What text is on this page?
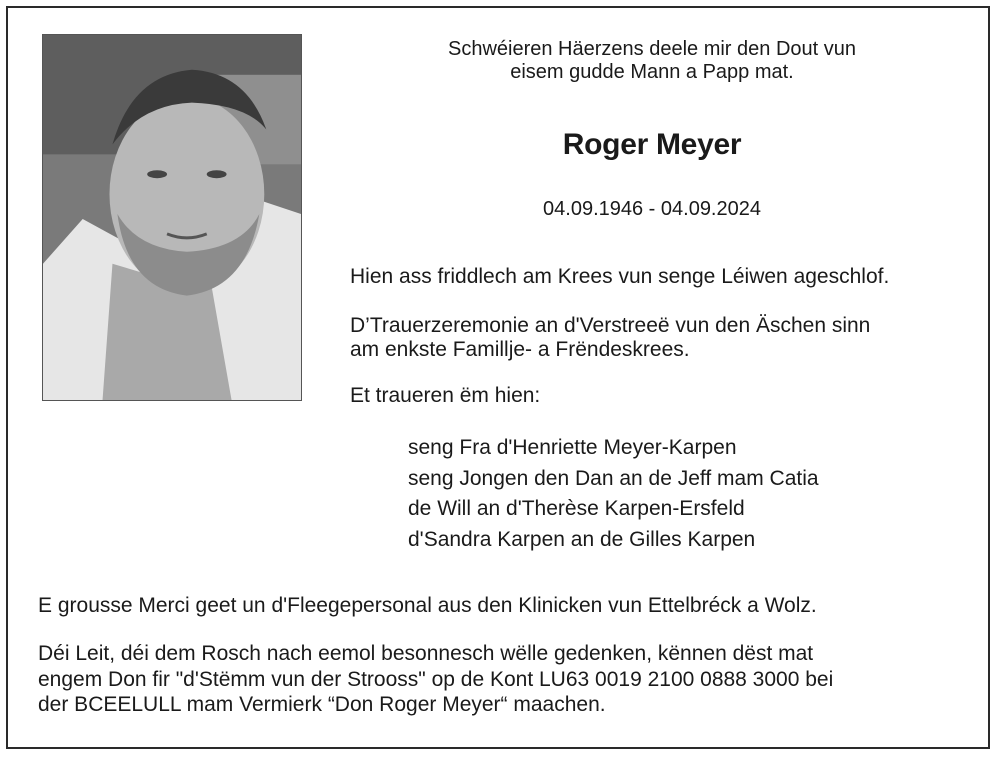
Schwéieren Häerzens deele mir den Dout vun
eisem gudde Mann a Papp mat.
Roger Meyer
04.09.1946 - 04.09.2024
Hien ass friddlech am Krees vun senge Léiwen ageschlof.
D’Trauerzeremonie an d'Verstreeë vun den Äschen sinn
am enkste Famillje- a Frëndeskrees.
Et traueren ëm hien:
seng Fra d'Henriette Meyer-Karpen
seng Jongen den Dan an de Jeff mam Catia
de Will an d'Therèse Karpen-Ersfeld
d'Sandra Karpen an de Gilles Karpen
E grousse Merci geet un d'Fleegepersonal aus den Klinicken vun Ettelbréck a Wolz.
Déi Leit, déi dem Rosch nach eemol besonnesch wëlle gedenken, kënnen dëst mat
engem Don fir "d'Stëmm vun der Strooss" op de Kont LU63 0019 2100 0888 3000 bei
der BCEELULL mam Vermierk “Don Roger Meyer“ maachen.
